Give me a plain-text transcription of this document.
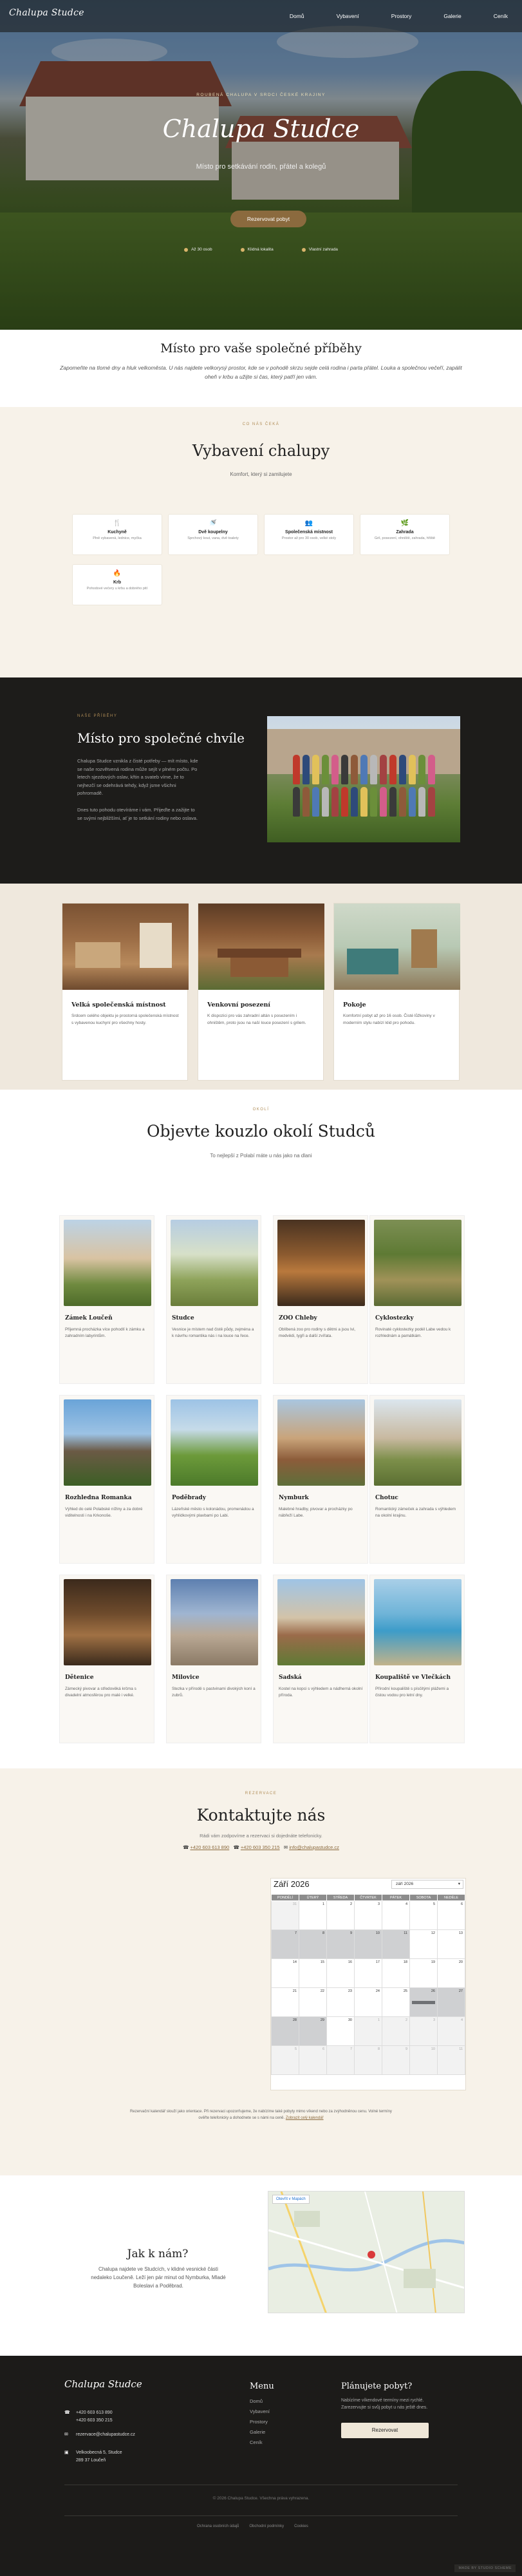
Chalupa Studce	Domů	Vybavení	Prostory	Galerie	Ceník
ROUBENÁ CHALUPA V SRDCI ČESKÉ KRAJINY
Chalupa Studce
Místo pro setkávání rodin, přátel a kolegů
Rezervovat pobyt
Až 30 osob	Klidná lokalita	Vlastní zahrada
Místo pro vaše společné příběhy

Zapomeňte na tlomé dny a hluk velkoměsta. U nás najdete velkorysý prostor, kde se v pohodě skrzu sejde celá rodina i parta přátel. Louka a společnou večeří, zapálit oheň v krbu a užijte si čas, který patří jen vám.

CO NÁS ČEKÁ
Vybavení chalupy
Komfort, který si zamilujete
🍴
Kuchyně
Plně vybavená, lednice, myčka
🚿
Dvě koupelny
Sprchový kout, vana, dvě toalety
👥
Společenská místnost
Prostor až pro 30 osob, velké stoly
🌿
Zahrada
Gril, posezení, ohniště, zahrada, hřiště
🔥
Krb
Pohodové večery u krbu a dobrého pití
NAŠE PŘÍBĚHY
Místo pro společné chvíle

Chalupa Studce vznikla z čisté potřeby — mít místo, kde se naše rozvětvená rodina může sejít v plném počtu. Po letech sjezdových oslav, křtin a svateb víme, že to nejhezčí se odehrává tehdy, když jsme všichni pohromadě.

Dnes tuto pohodu otevíráme i vám. Přijeďte a zažijte to se svými nejbližšími, ať je to setkání rodiny nebo oslava.

Velká společenská místnost

Srdcem celého objektu je prostorná společenská místnost s vybavenou kuchyní pro všechny hosty.

Venkovní posezení

K dispozici pro vás zahradní altán s posezením i ohništěm, proto jsou na naší louce posezení s grilem.

Pokoje

Komfortní pobyt až pro 16 osob. Čisté lůžkoviny v moderním stylu nabízí klid pro pohodu.

OKOLÍ
Objevte kouzlo okolí Studců
To nejlepší z Polabí máte u nás jako na dlani
Zámek Loučeň

Přijemná procházka více pohodlí k zámku a zahradním labyrintům.

Studce

Vesnice je místem nad čistě půdy, zejména a k návrhu romantika nás i na louce na řece.

ZOO Chleby

Oblíbená zoo pro rodiny s dětmi a jsou lvi, medvědi, tygři a další zvířata.

Cyklostezky

Rovinaté cyklostezky podél Labe vedou k rozhlednám a památkám.

Rozhledna Romanka

Výhled do celé Polabské nížiny a za dobré viditelnosti i na Krkonoše.

Poděbrady

Lázeňské město s kolonádou, promenádou a vyhlídkovými plavbami po Labi.

Nymburk

Malebné hradby, pivovar a procházky po nábřeží Labe.

Chotuc

Romantický zámeček a zahrada s výhledem na okolní krajinu.

Dětenice

Zámecký pivovar a středověká krčma s divadelní atmosférou pro malé i velké.

Milovice

Stezka v přírodě s pastvinami divokých koní a zubrů.

Sadská

Kostel na kopci s výhledem a nádherná okolní příroda.

Koupaliště ve Vlečkách

Přírodní koupaliště s písčitými plážemi a čistou vodou pro letní dny.

REZERVACE
Kontaktujte nás
Rádi vám zodpovíme a rezervaci si dojednáte telefonicky.
☎ +420 603 613 890 ☎ +420 603 350 215 ✉ info@chalupastudce.cz
Září 2026	září 2026	▾
PONDĚLÍ	ÚTERÝ	STŘEDA	ČTVRTEK	PÁTEK	SOBOTA	NEDĚLE
31	1	2	3	4	5	6
7	8	9	10	11	12	13
14	15	16	17	18	19	20
21	22	23	24	25	26	27
28	29	30	1	2	3	4
5	6	7	8	9	10	11
Rezervační kalendář slouží jako orientace. Při rezervaci upozorňujeme, že nabízíme také pobyty mimo víkend nebo za zvýhodněnou cenu. Volné termíny ověřte telefonicky a dohodnete se s námi na ceně. Zobrazit celý kalendář
Jak k nám?

Chalupa najdete ve Studcích, v klidné vesnické části nedaleko Loučeně. Leží jen pár minut od Nymburka, Mladé Boleslavi a Poděbrad.

Otevřít v Mapách
Chalupa Studce
☎ +420 603 613 890
+420 603 350 215
✉ rezervace@chalupastudce.cz
▣ Velkoobecná 5, Studce
289 37 Loučeň
Menu
Domů
Vybavení
Prostory
Galerie
Ceník
Plánujete pobyt?
Nabízíme víkendové termíny mezi rychlé. Zarezervujte si svůj pobyt u nás ještě dnes.
Rezervovat
© 2026 Chalupa Studce. Všechna práva vyhrazena.
Ochrana osobních údajů	Obchodní podmínky	Cookies
MADE BY STUDIO SCHEME
